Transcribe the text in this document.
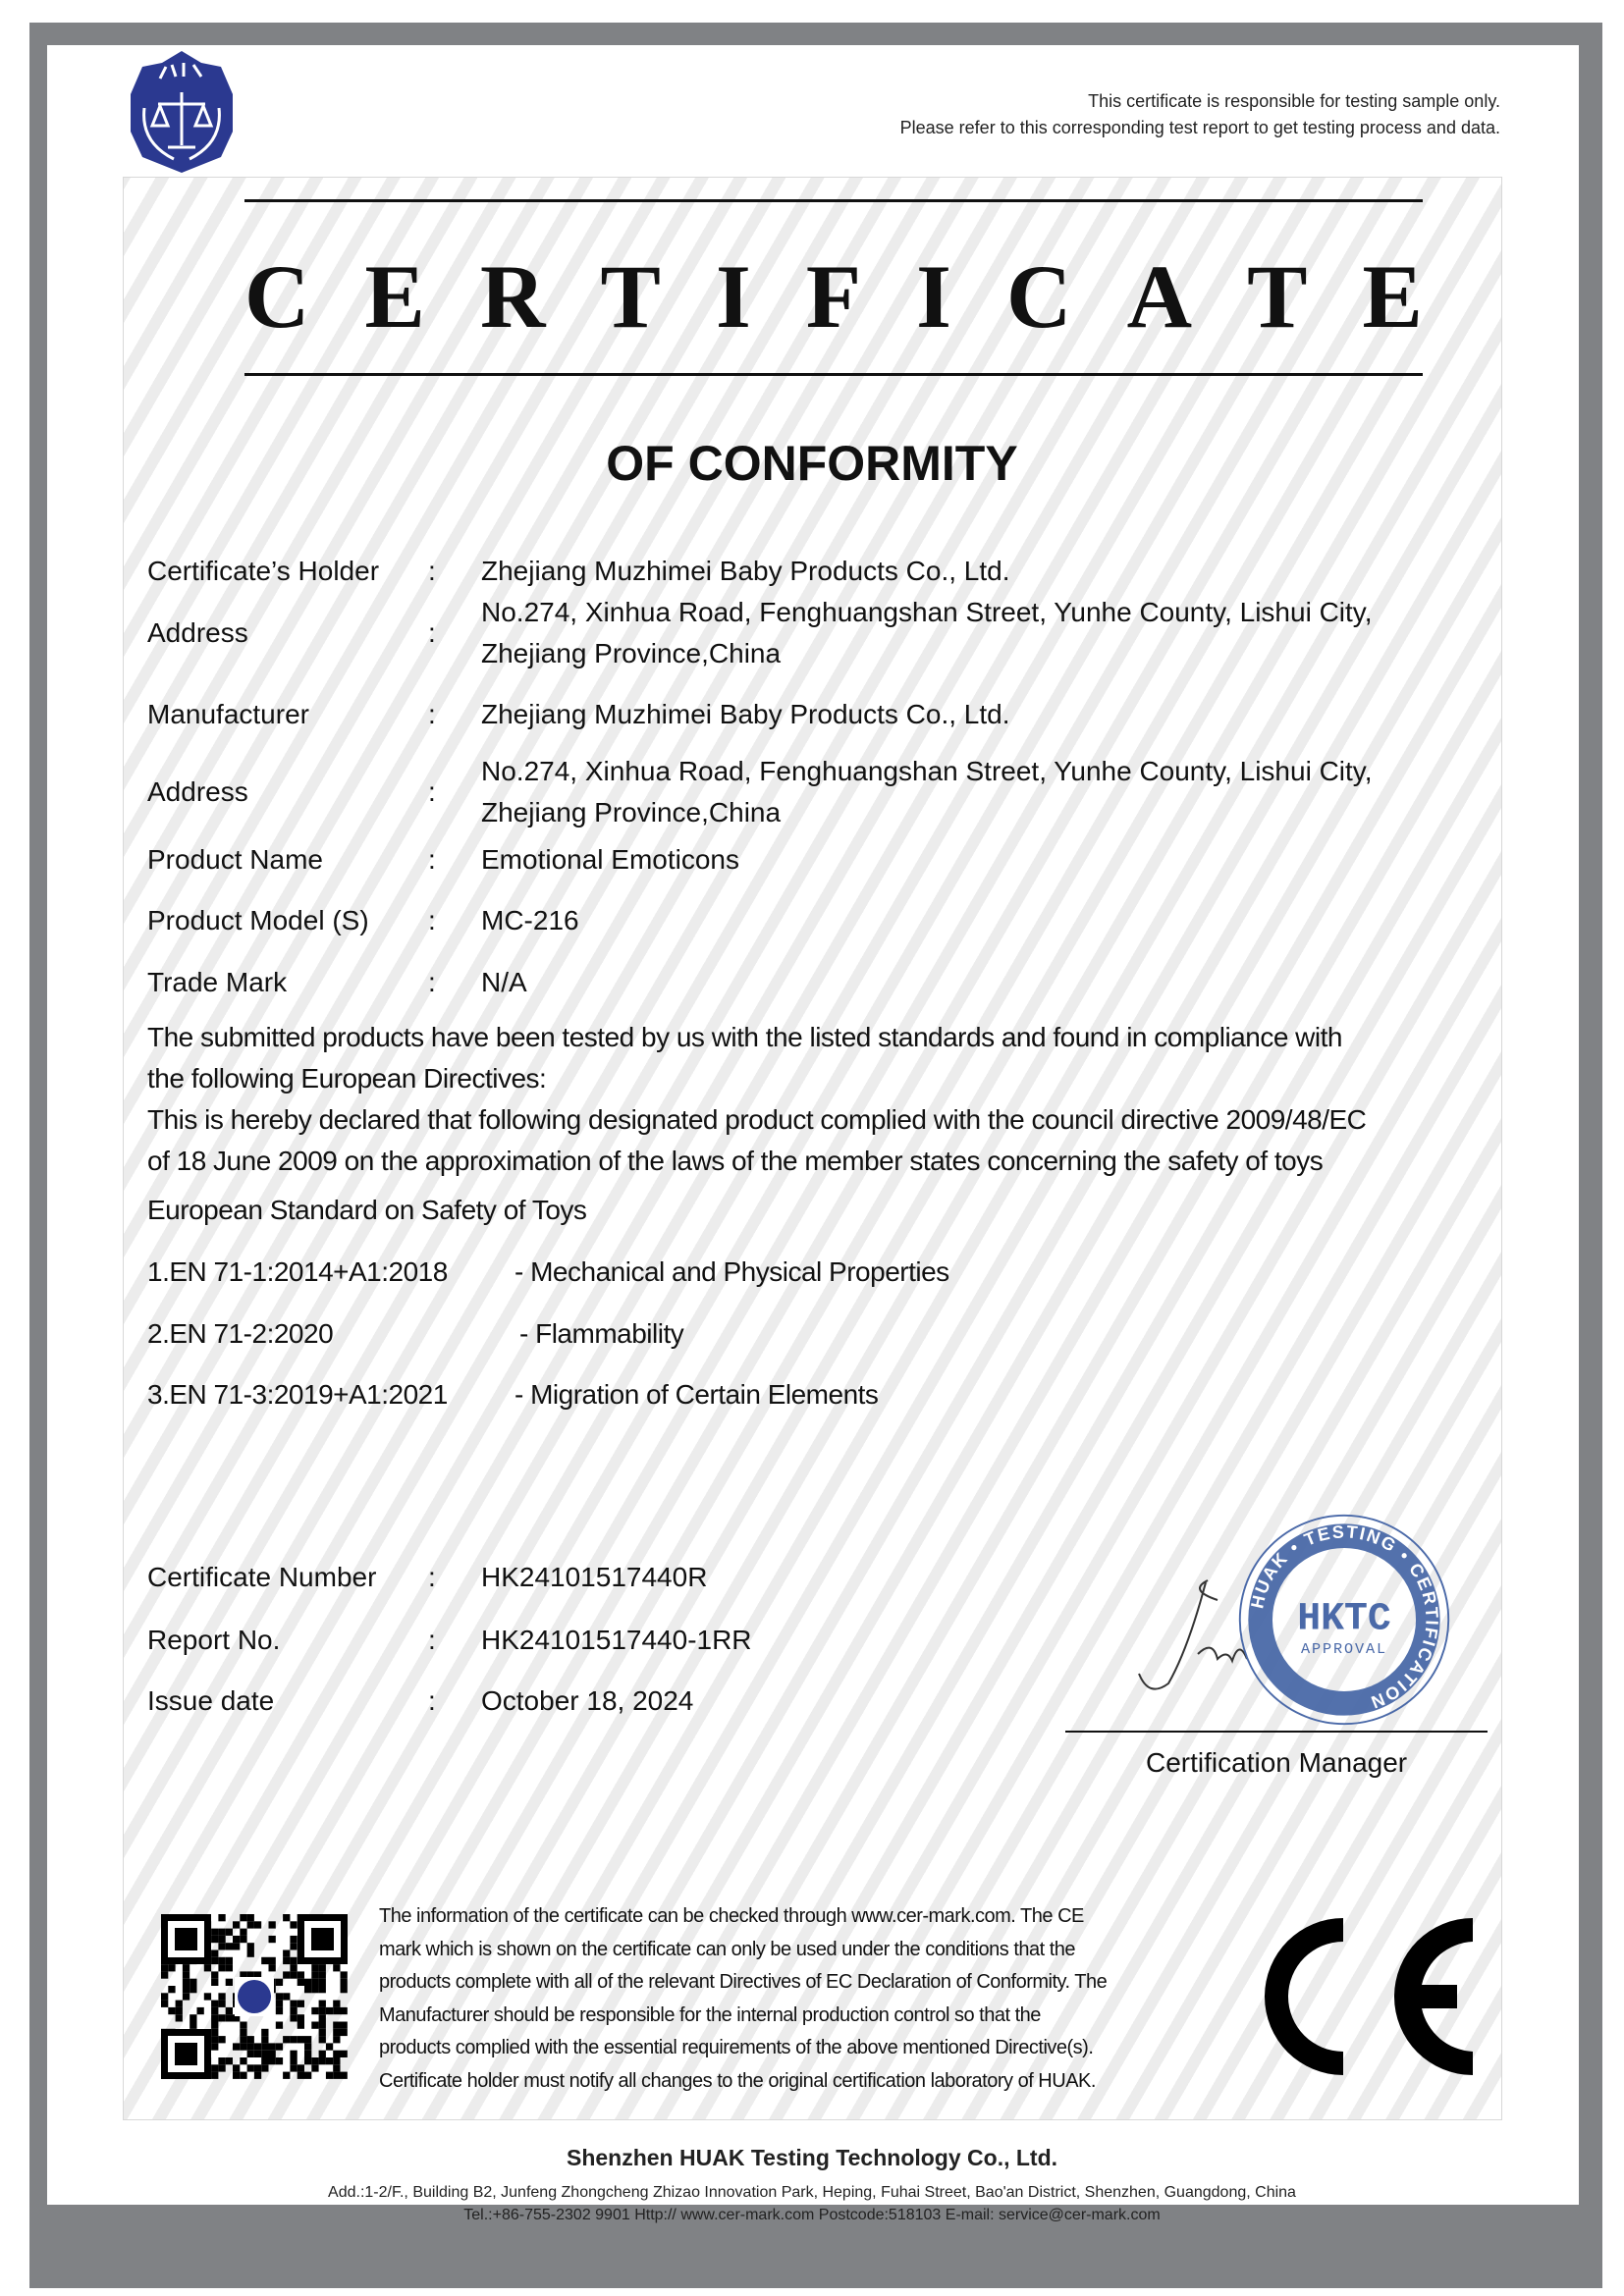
This certificate is responsible for testing sample only.
Please refer to this corresponding test report to get testing process and data.
C E R T I F I C A T E
OF CONFORMITY
Certificate’s Holder : Zhejiang Muzhimei Baby Products Co., Ltd.
Address	:
No.274, Xinhua Road, Fenghuangshan Street, Yunhe County, Lishui City,
Zhejiang Province,China
Manufacturer	: Zhejiang Muzhimei Baby Products Co., Ltd.
Address	:
No.274, Xinhua Road, Fenghuangshan Street, Yunhe County, Lishui City,
Zhejiang Province,China
Product Name	: Emotional Emoticons
Product Model (S) : MC-216
Trade Mark	: N/A
The submitted products have been tested by us with the listed standards and found in compliance with
the following European Directives:
This is hereby declared that following designated product complied with the council directive 2009/48/EC
of 18 June 2009 on the approximation of the laws of the member states concerning the safety of toys
European Standard on Safety of Toys
1.EN 71-1:2014+A1:2018 - Mechanical and Physical Properties
2.EN 71-2:2020	- Flammability
3.EN 71-3:2019+A1:2021 - Migration of Certain Elements
Certificate Number : HK24101517440R
Report No.	: HK24101517440-1RR
Issue date	: October 18, 2024
HUAK • TESTING • CERTIFICATION
HKTC
APPROVAL
Certification Manager
The information of the certificate can be checked through www.cer-mark.com. The CE
mark which is shown on the certificate can only be used under the conditions that the
products complete with all of the relevant Directives of EC Declaration of Conformity. The
Manufacturer should be responsible for the internal production control so that the
products complied with the essential requirements of the above mentioned Directive(s).
Certificate holder must notify all changes to the original certification laboratory of HUAK.
Shenzhen HUAK Testing Technology Co., Ltd.
Add.:1-2/F., Building B2, Junfeng Zhongcheng Zhizao Innovation Park, Heping, Fuhai Street, Bao'an District, Shenzhen, Guangdong, China
Tel.:+86-755-2302 9901 Http:// www.cer-mark.com Postcode:518103 E-mail: service@cer-mark.com
